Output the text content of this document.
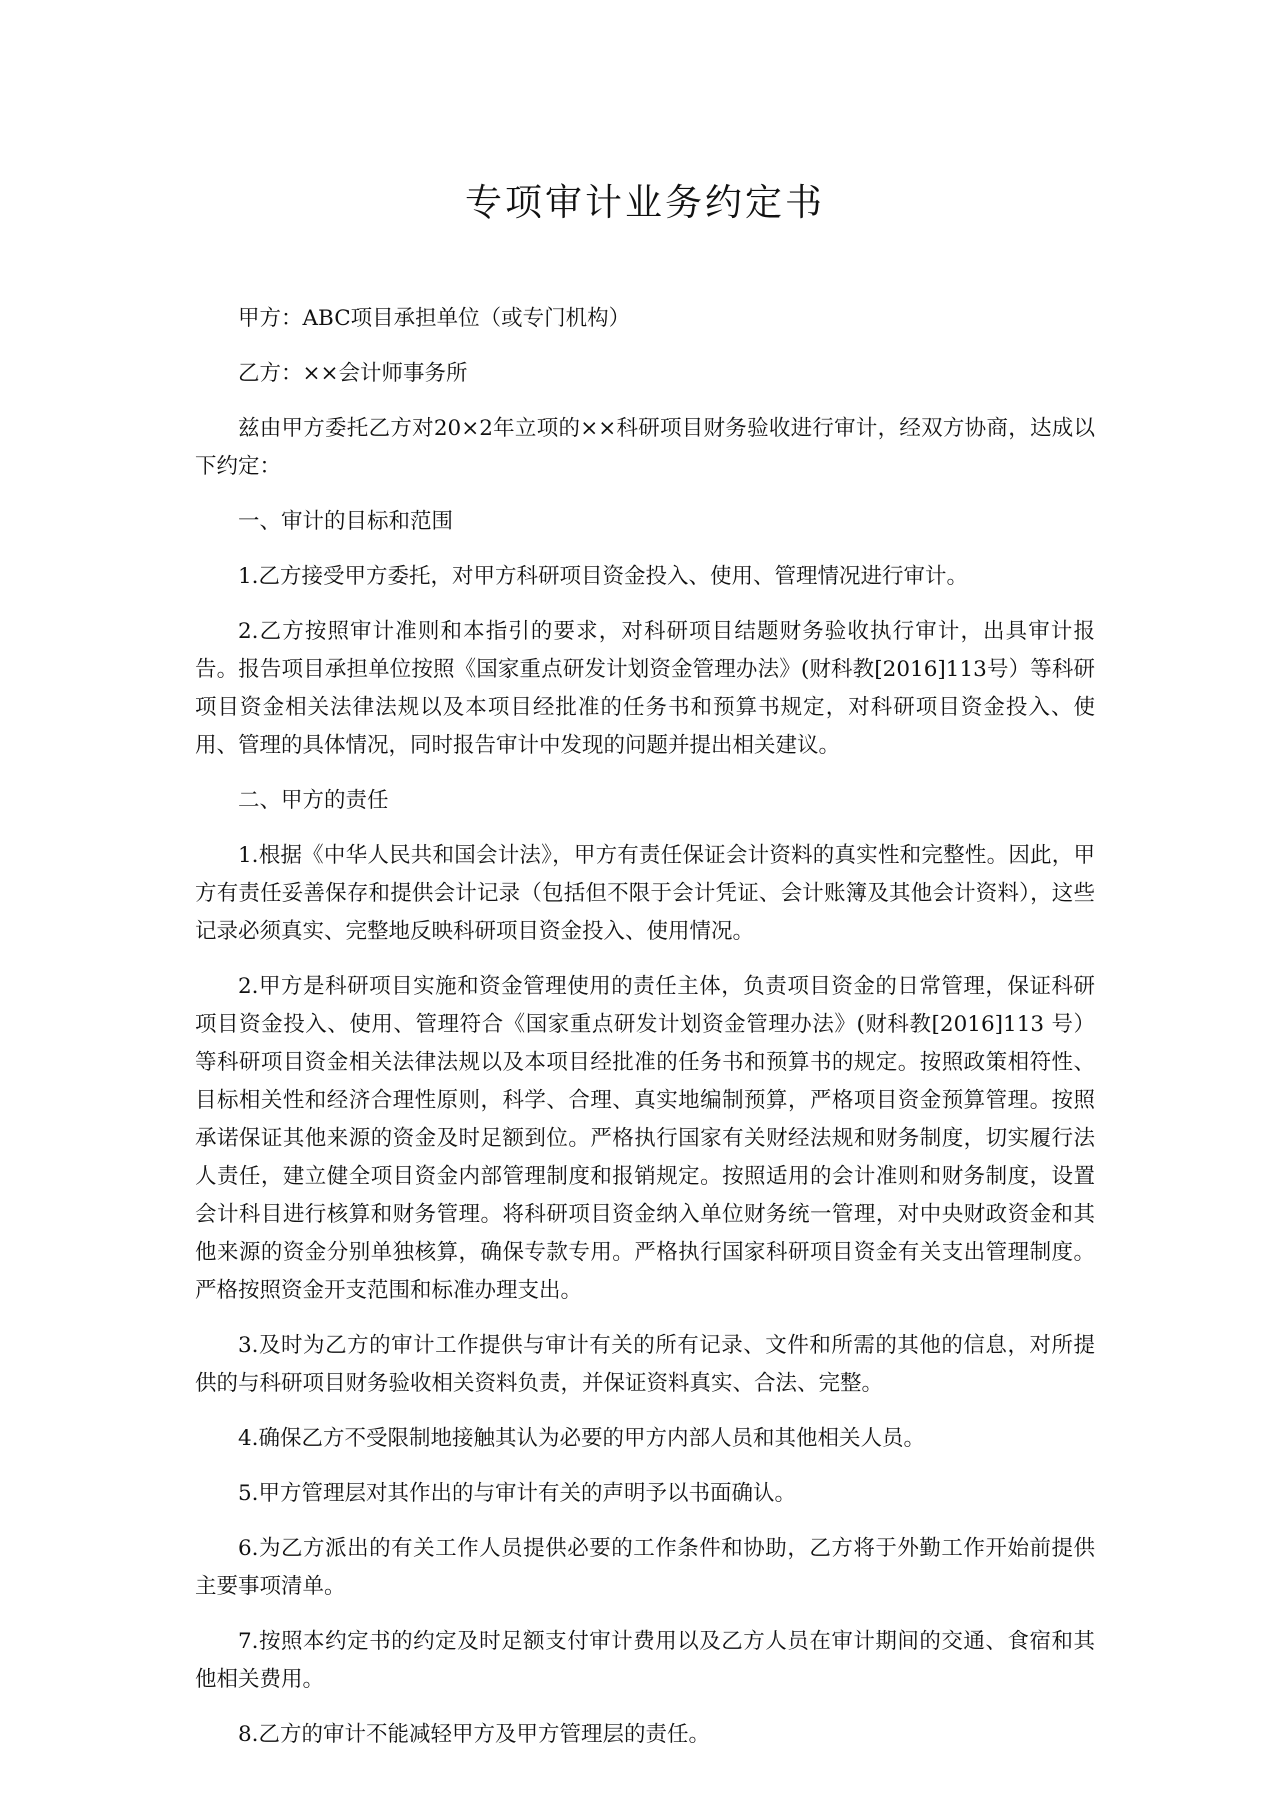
专项审计业务约定书

甲方：ABC项目承担单位（或专门机构）

乙方：××会计师事务所

兹由甲方委托乙方对20×2年立项的××科研项目财务验收进行审计，经双方协商，达成以下约定：

一、审计的目标和范围

1.乙方接受甲方委托，对甲方科研项目资金投入、使用、管理情况进行审计。

2.乙方按照审计准则和本指引的要求，对科研项目结题财务验收执行审计，出具审计报告。报告项目承担单位按照《国家重点研发计划资金管理办法》(财科教[2016]113号）等科研项目资金相关法律法规以及本项目经批准的任务书和预算书规定，对科研项目资金投入、使用、管理的具体情况，同时报告审计中发现的问题并提出相关建议。

二、甲方的责任

1.根据《中华人民共和国会计法》，甲方有责任保证会计资料的真实性和完整性。因此，甲方有责任妥善保存和提供会计记录（包括但不限于会计凭证、会计账簿及其他会计资料），这些记录必须真实、完整地反映科研项目资金投入、使用情况。

2.甲方是科研项目实施和资金管理使用的责任主体，负责项目资金的日常管理，保证科研项目资金投入、使用、管理符合《国家重点研发计划资金管理办法》(财科教[2016]113 号）等科研项目资金相关法律法规以及本项目经批准的任务书和预算书的规定。按照政策相符性、目标相关性和经济合理性原则，科学、合理、真实地编制预算，严格项目资金预算管理。按照承诺保证其他来源的资金及时足额到位。严格执行国家有关财经法规和财务制度，切实履行法人责任，建立健全项目资金内部管理制度和报销规定。按照适用的会计准则和财务制度，设置会计科目进行核算和财务管理。将科研项目资金纳入单位财务统一管理，对中央财政资金和其他来源的资金分别单独核算，确保专款专用。严格执行国家科研项目资金有关支出管理制度。严格按照资金开支范围和标准办理支出。

3.及时为乙方的审计工作提供与审计有关的所有记录、文件和所需的其他的信息，对所提供的与科研项目财务验收相关资料负责，并保证资料真实、合法、完整。

4.确保乙方不受限制地接触其认为必要的甲方内部人员和其他相关人员。

5.甲方管理层对其作出的与审计有关的声明予以书面确认。

6.为乙方派出的有关工作人员提供必要的工作条件和协助，乙方将于外勤工作开始前提供主要事项清单。

7.按照本约定书的约定及时足额支付审计费用以及乙方人员在审计期间的交通、食宿和其他相关费用。

8.乙方的审计不能减轻甲方及甲方管理层的责任。
